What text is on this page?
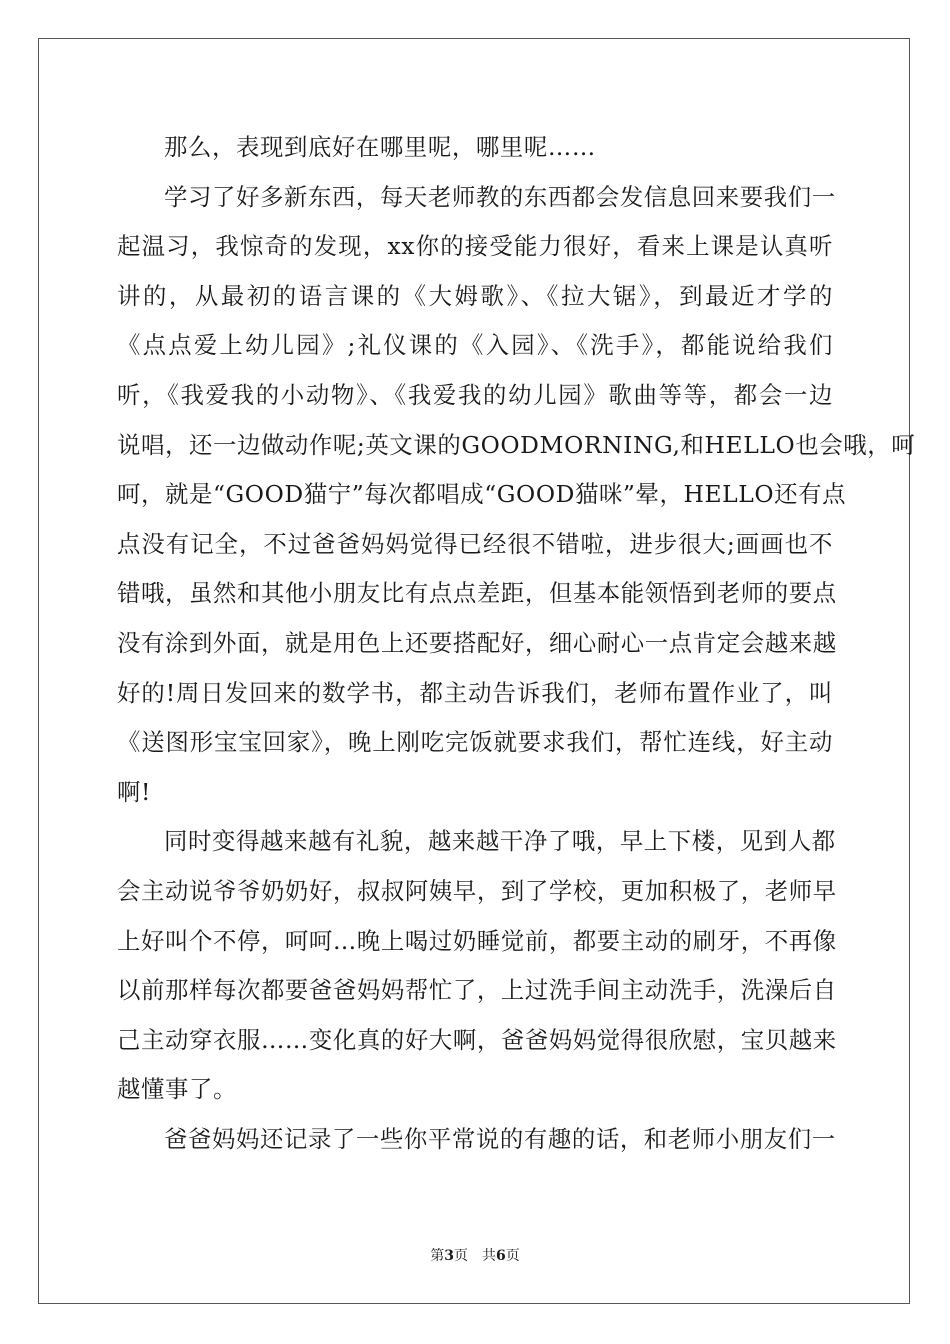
那么，表现到底好在哪里呢，哪里呢……
学习了好多新东西，每天老师教的东西都会发信息回来要我们一
起温习，我惊奇的发现，xx你的接受能力很好，看来上课是认真听
讲的，从最初的语言课的《大姆歌》、《拉大锯》，到最近才学的
《点点爱上幼儿园》;礼仪课的《入园》、《洗手》，都能说给我们
听，《我爱我的小动物》、《我爱我的幼儿园》歌曲等等，都会一边
说唱，还一边做动作呢;英文课的GOODMORNING,和HELLO也会哦，呵
呵，就是“GOOD猫宁”每次都唱成“GOOD猫咪”晕，HELLO还有点
点没有记全，不过爸爸妈妈觉得已经很不错啦，进步很大;画画也不
错哦，虽然和其他小朋友比有点点差距，但基本能领悟到老师的要点
没有涂到外面，就是用色上还要搭配好，细心耐心一点肯定会越来越
好的!周日发回来的数学书，都主动告诉我们，老师布置作业了，叫
《送图形宝宝回家》，晚上刚吃完饭就要求我们，帮忙连线，好主动
啊!
同时变得越来越有礼貌，越来越干净了哦，早上下楼，见到人都
会主动说爷爷奶奶好，叔叔阿姨早，到了学校，更加积极了，老师早
上好叫个不停，呵呵…晚上喝过奶睡觉前，都要主动的刷牙，不再像
以前那样每次都要爸爸妈妈帮忙了，上过洗手间主动洗手，洗澡后自
己主动穿衣服……变化真的好大啊，爸爸妈妈觉得很欣慰，宝贝越来
越懂事了。
爸爸妈妈还记录了一些你平常说的有趣的话，和老师小朋友们一
第3页 共6页
